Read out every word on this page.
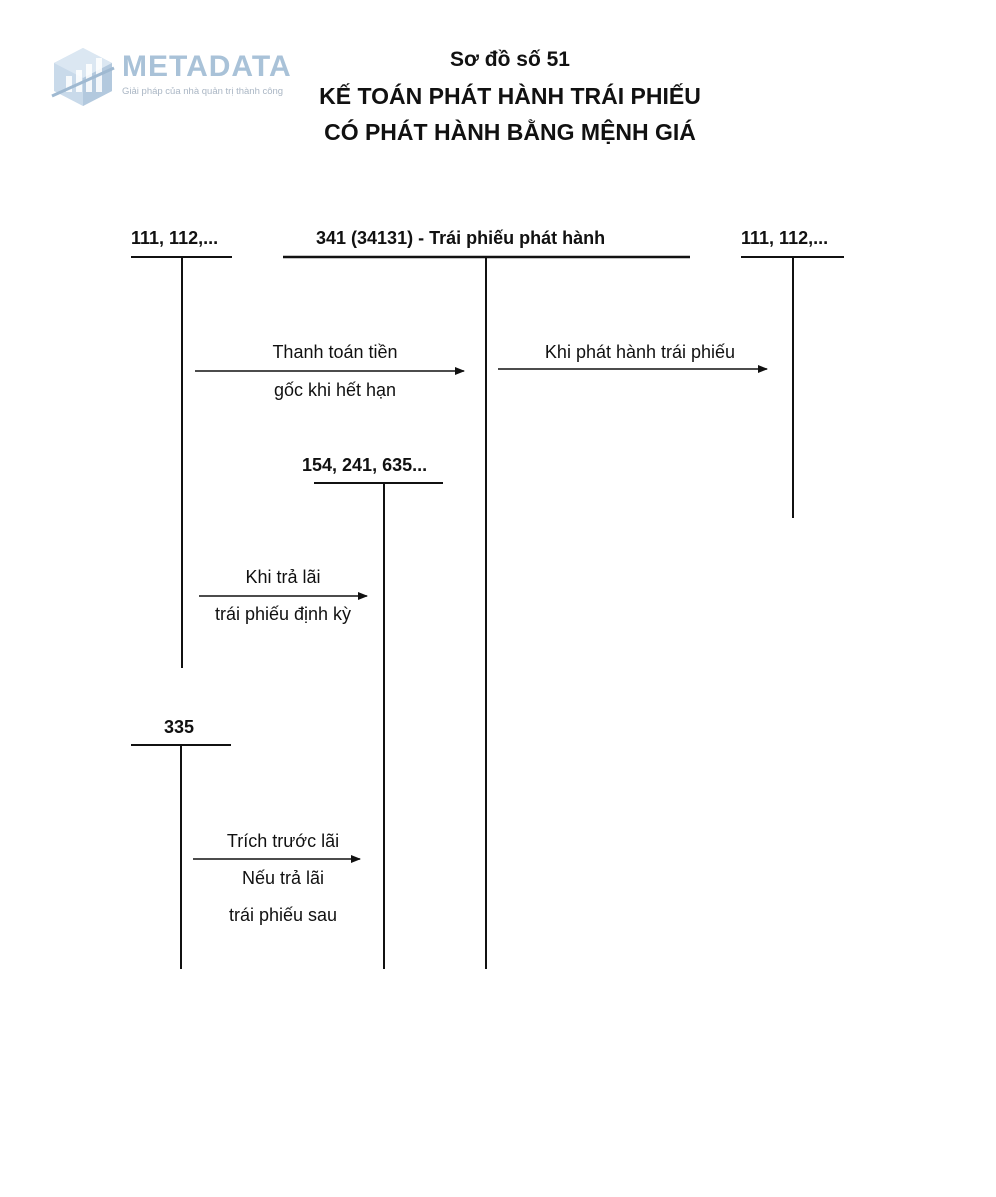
METADATA
Giải pháp của nhà quản trị thành công
Sơ đồ số 51
KẾ TOÁN PHÁT HÀNH TRÁI PHIẾU
CÓ PHÁT HÀNH BẰNG MỆNH GIÁ
111, 112,...	341 (34131) - Trái phiếu phát hành	111, 112,...
154, 241, 635...
335
Thanh toán tiền
gốc khi hết hạn
Khi phát hành trái phiếu
Khi trả lãi
trái phiếu định kỳ
Trích trước lãi
Nếu trả lãi
trái phiếu sau
